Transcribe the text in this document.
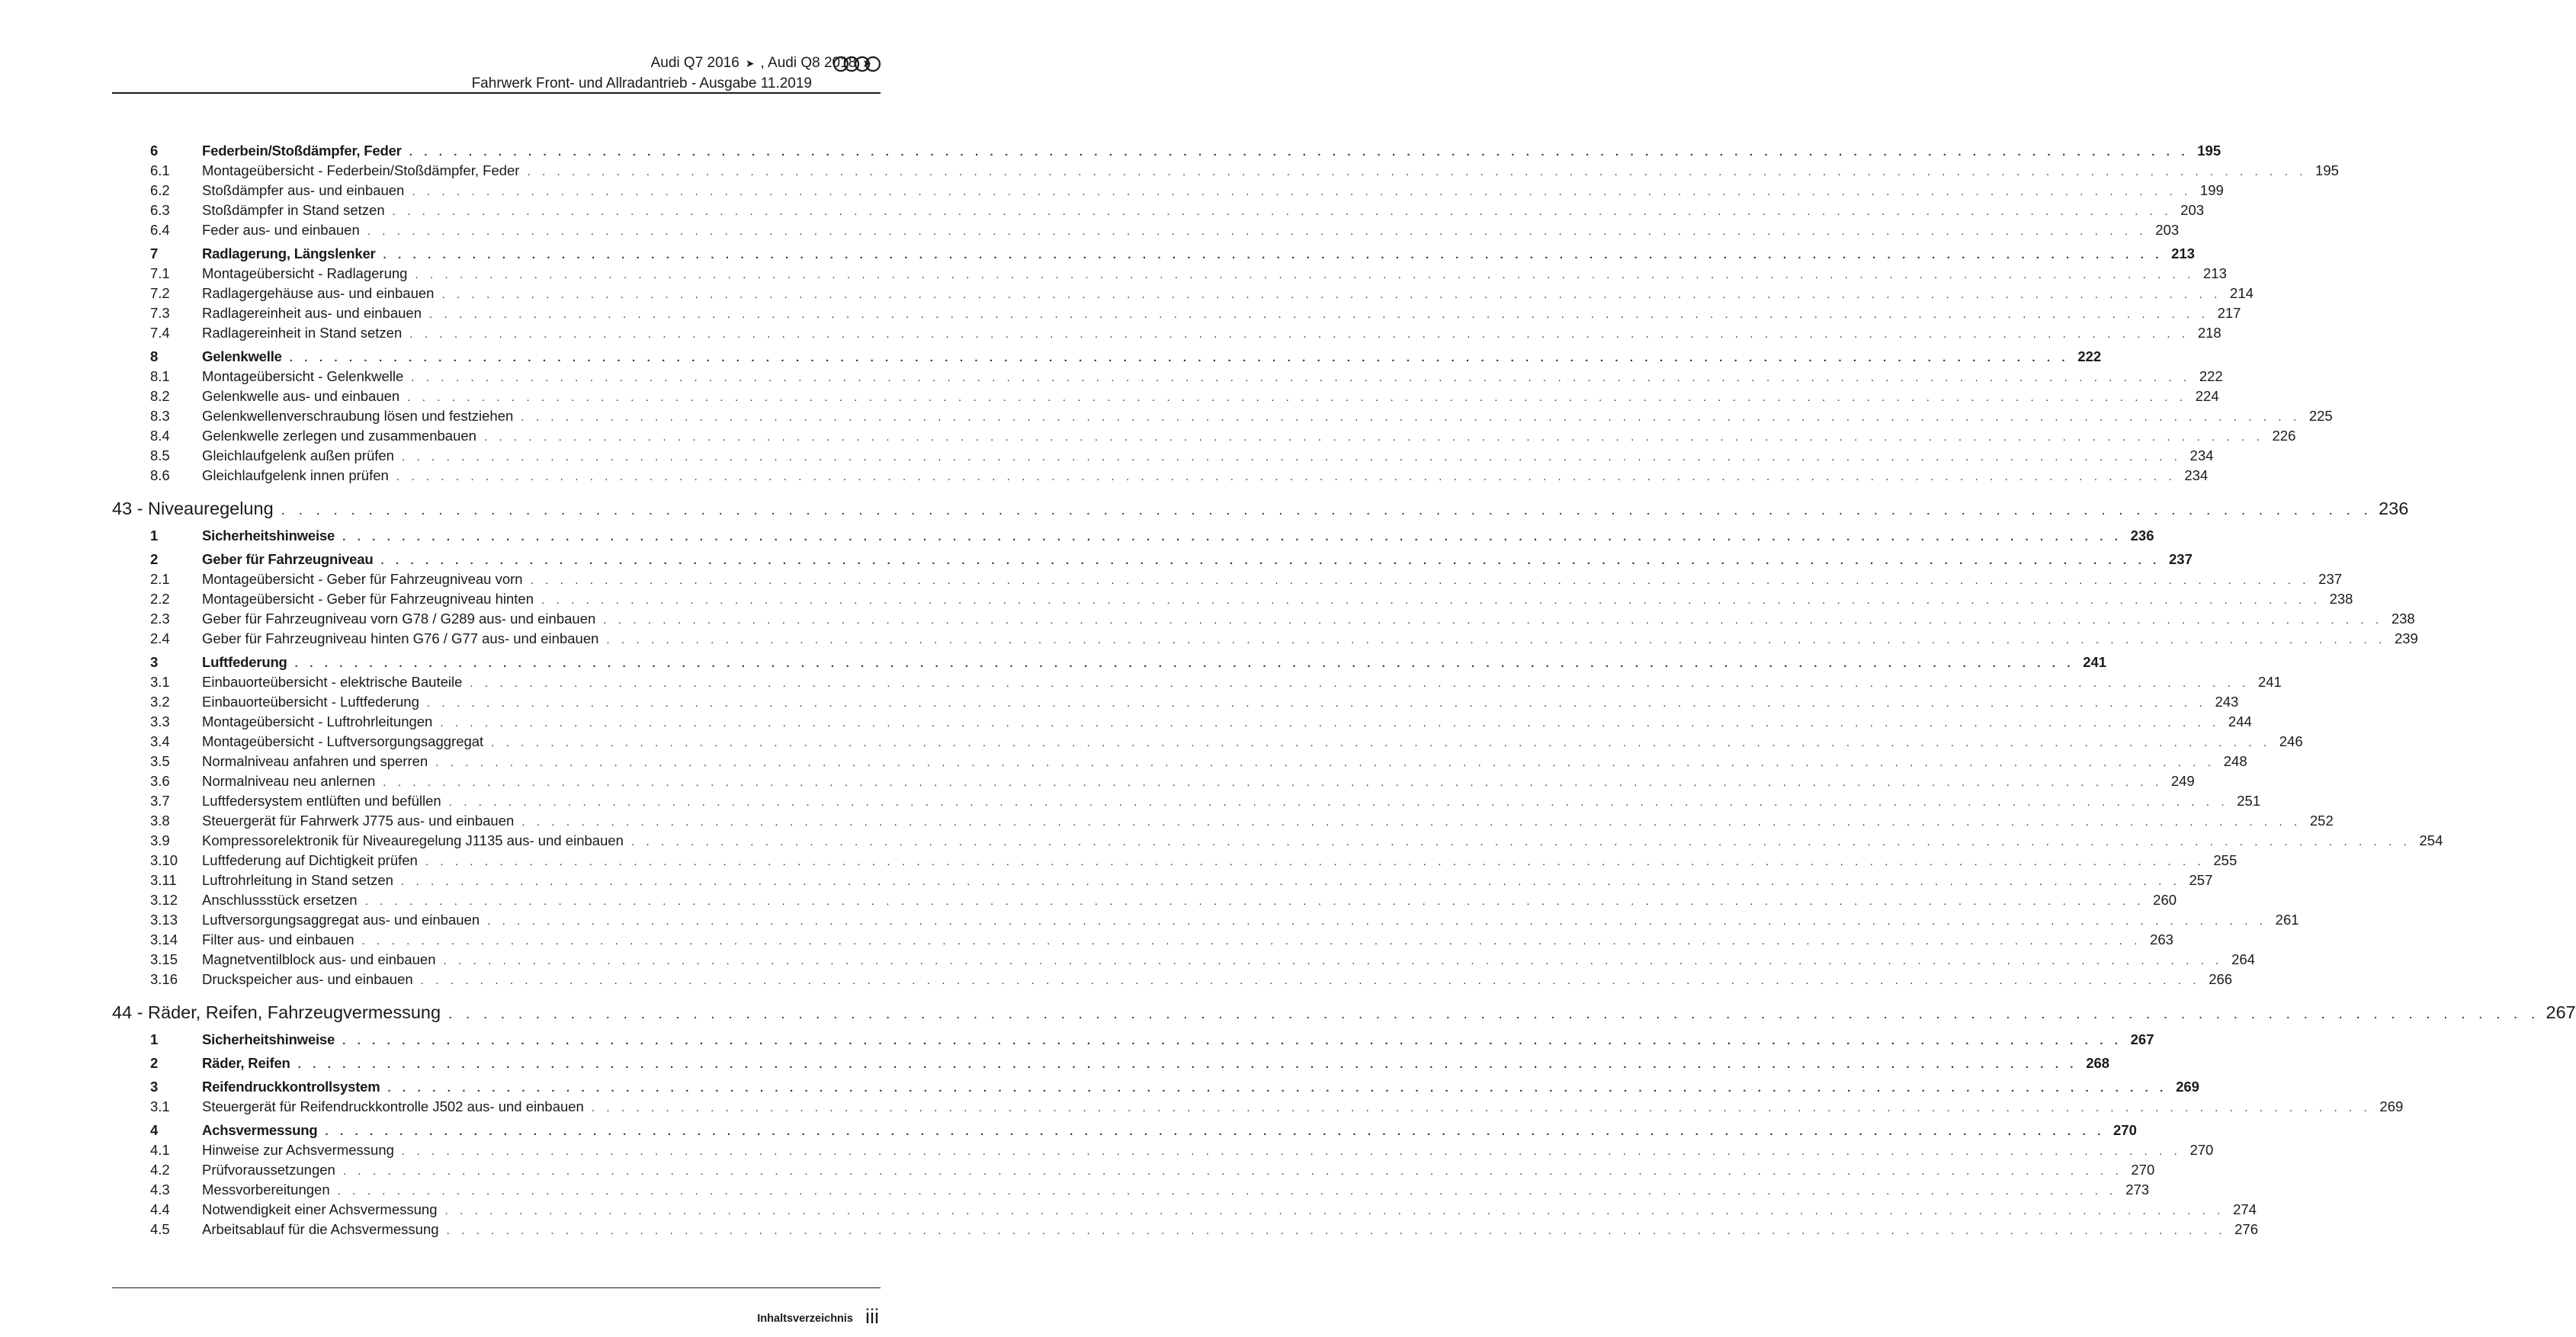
Audi Q7 2016 ➤ , Audi Q8 2018 ➤
Fahrwerk Front- und Allradantrieb - Ausgabe 11.2019
6	Federbein/Stoßdämpfer, Feder . . . . . . . . . . . . . . . . . . . . . . . . . . . . . . . . . . . . . . . . . . . . . . . . . . . . . . . . . . . . . . . . . . . . . . . . . . . . . . . . . . . . . . . . . . . . . . . . . . . . . . . . . . . . . . . . . . . . . . . . 195
6.1	Montageübersicht - Federbein/Stoßdämpfer, Feder . . . . . . . . . . . . . . . . . . . . . . . . . . . . . . . . . . . . . . . . . . . . . . . . . . . . . . . . . . . . . . . . . . . . . . . . . . . . . . . . . . . . . . . . . . . . . . . . . . . . . . . . . . . . . . . . . . . . . . . . 195
6.2	Stoßdämpfer aus- und einbauen . . . . . . . . . . . . . . . . . . . . . . . . . . . . . . . . . . . . . . . . . . . . . . . . . . . . . . . . . . . . . . . . . . . . . . . . . . . . . . . . . . . . . . . . . . . . . . . . . . . . . . . . . . . . . . . . . . . . . . . . 199
6.3	Stoßdämpfer in Stand setzen . . . . . . . . . . . . . . . . . . . . . . . . . . . . . . . . . . . . . . . . . . . . . . . . . . . . . . . . . . . . . . . . . . . . . . . . . . . . . . . . . . . . . . . . . . . . . . . . . . . . . . . . . . . . . . . . . . . . . . . . 203
6.4	Feder aus- und einbauen . . . . . . . . . . . . . . . . . . . . . . . . . . . . . . . . . . . . . . . . . . . . . . . . . . . . . . . . . . . . . . . . . . . . . . . . . . . . . . . . . . . . . . . . . . . . . . . . . . . . . . . . . . . . . . . . . . . . . . . . 203
7	Radlagerung, Längslenker . . . . . . . . . . . . . . . . . . . . . . . . . . . . . . . . . . . . . . . . . . . . . . . . . . . . . . . . . . . . . . . . . . . . . . . . . . . . . . . . . . . . . . . . . . . . . . . . . . . . . . . . . . . . . . . . . . . . . . . . 213
7.1	Montageübersicht - Radlagerung . . . . . . . . . . . . . . . . . . . . . . . . . . . . . . . . . . . . . . . . . . . . . . . . . . . . . . . . . . . . . . . . . . . . . . . . . . . . . . . . . . . . . . . . . . . . . . . . . . . . . . . . . . . . . . . . . . . . . . . . 213
7.2	Radlagergehäuse aus- und einbauen . . . . . . . . . . . . . . . . . . . . . . . . . . . . . . . . . . . . . . . . . . . . . . . . . . . . . . . . . . . . . . . . . . . . . . . . . . . . . . . . . . . . . . . . . . . . . . . . . . . . . . . . . . . . . . . . . . . . . . . . 214
7.3	Radlagereinheit aus- und einbauen . . . . . . . . . . . . . . . . . . . . . . . . . . . . . . . . . . . . . . . . . . . . . . . . . . . . . . . . . . . . . . . . . . . . . . . . . . . . . . . . . . . . . . . . . . . . . . . . . . . . . . . . . . . . . . . . . . . . . . . . 217
7.4	Radlagereinheit in Stand setzen . . . . . . . . . . . . . . . . . . . . . . . . . . . . . . . . . . . . . . . . . . . . . . . . . . . . . . . . . . . . . . . . . . . . . . . . . . . . . . . . . . . . . . . . . . . . . . . . . . . . . . . . . . . . . . . . . . . . . . . . 218
8	Gelenkwelle . . . . . . . . . . . . . . . . . . . . . . . . . . . . . . . . . . . . . . . . . . . . . . . . . . . . . . . . . . . . . . . . . . . . . . . . . . . . . . . . . . . . . . . . . . . . . . . . . . . . . . . . . . . . . . . . . . . . . . . . 222
8.1	Montageübersicht - Gelenkwelle . . . . . . . . . . . . . . . . . . . . . . . . . . . . . . . . . . . . . . . . . . . . . . . . . . . . . . . . . . . . . . . . . . . . . . . . . . . . . . . . . . . . . . . . . . . . . . . . . . . . . . . . . . . . . . . . . . . . . . . . 222
8.2	Gelenkwelle aus- und einbauen . . . . . . . . . . . . . . . . . . . . . . . . . . . . . . . . . . . . . . . . . . . . . . . . . . . . . . . . . . . . . . . . . . . . . . . . . . . . . . . . . . . . . . . . . . . . . . . . . . . . . . . . . . . . . . . . . . . . . . . . 224
8.3	Gelenkwellenverschraubung lösen und festziehen . . . . . . . . . . . . . . . . . . . . . . . . . . . . . . . . . . . . . . . . . . . . . . . . . . . . . . . . . . . . . . . . . . . . . . . . . . . . . . . . . . . . . . . . . . . . . . . . . . . . . . . . . . . . . . . . . . . . . . . . 225
8.4	Gelenkwelle zerlegen und zusammenbauen . . . . . . . . . . . . . . . . . . . . . . . . . . . . . . . . . . . . . . . . . . . . . . . . . . . . . . . . . . . . . . . . . . . . . . . . . . . . . . . . . . . . . . . . . . . . . . . . . . . . . . . . . . . . . . . . . . . . . . . . 226
8.5	Gleichlaufgelenk außen prüfen . . . . . . . . . . . . . . . . . . . . . . . . . . . . . . . . . . . . . . . . . . . . . . . . . . . . . . . . . . . . . . . . . . . . . . . . . . . . . . . . . . . . . . . . . . . . . . . . . . . . . . . . . . . . . . . . . . . . . . . . 234
8.6	Gleichlaufgelenk innen prüfen . . . . . . . . . . . . . . . . . . . . . . . . . . . . . . . . . . . . . . . . . . . . . . . . . . . . . . . . . . . . . . . . . . . . . . . . . . . . . . . . . . . . . . . . . . . . . . . . . . . . . . . . . . . . . . . . . . . . . . . . 234
43 - Niveauregelung . . . . . . . . . . . . . . . . . . . . . . . . . . . . . . . . . . . . . . . . . . . . . . . . . . . . . . . . . . . . . . . . . . . . . . . . . . . . . . . . . . . . . . . . . . . . . . . . . . . . . . . . . . . . . . . . . . . . . . . . 236
1	Sicherheitshinweise . . . . . . . . . . . . . . . . . . . . . . . . . . . . . . . . . . . . . . . . . . . . . . . . . . . . . . . . . . . . . . . . . . . . . . . . . . . . . . . . . . . . . . . . . . . . . . . . . . . . . . . . . . . . . . . . . . . . . . . . 236
2	Geber für Fahrzeugniveau . . . . . . . . . . . . . . . . . . . . . . . . . . . . . . . . . . . . . . . . . . . . . . . . . . . . . . . . . . . . . . . . . . . . . . . . . . . . . . . . . . . . . . . . . . . . . . . . . . . . . . . . . . . . . . . . . . . . . . . . 237
2.1	Montageübersicht - Geber für Fahrzeugniveau vorn . . . . . . . . . . . . . . . . . . . . . . . . . . . . . . . . . . . . . . . . . . . . . . . . . . . . . . . . . . . . . . . . . . . . . . . . . . . . . . . . . . . . . . . . . . . . . . . . . . . . . . . . . . . . . . . . . . . . . . . . 237
2.2	Montageübersicht - Geber für Fahrzeugniveau hinten . . . . . . . . . . . . . . . . . . . . . . . . . . . . . . . . . . . . . . . . . . . . . . . . . . . . . . . . . . . . . . . . . . . . . . . . . . . . . . . . . . . . . . . . . . . . . . . . . . . . . . . . . . . . . . . . . . . . . . . . 238
2.3	Geber für Fahrzeugniveau vorn G78 / G289 aus- und einbauen . . . . . . . . . . . . . . . . . . . . . . . . . . . . . . . . . . . . . . . . . . . . . . . . . . . . . . . . . . . . . . . . . . . . . . . . . . . . . . . . . . . . . . . . . . . . . . . . . . . . . . . . . . . . . . . . . . . . . . . . 238
2.4	Geber für Fahrzeugniveau hinten G76 / G77 aus- und einbauen . . . . . . . . . . . . . . . . . . . . . . . . . . . . . . . . . . . . . . . . . . . . . . . . . . . . . . . . . . . . . . . . . . . . . . . . . . . . . . . . . . . . . . . . . . . . . . . . . . . . . . . . . . . . . . . . . . . . . . . . 239
3	Luftfederung . . . . . . . . . . . . . . . . . . . . . . . . . . . . . . . . . . . . . . . . . . . . . . . . . . . . . . . . . . . . . . . . . . . . . . . . . . . . . . . . . . . . . . . . . . . . . . . . . . . . . . . . . . . . . . . . . . . . . . . . 241
3.1	Einbauorteübersicht - elektrische Bauteile . . . . . . . . . . . . . . . . . . . . . . . . . . . . . . . . . . . . . . . . . . . . . . . . . . . . . . . . . . . . . . . . . . . . . . . . . . . . . . . . . . . . . . . . . . . . . . . . . . . . . . . . . . . . . . . . . . . . . . . . 241
3.2	Einbauorteübersicht - Luftfederung . . . . . . . . . . . . . . . . . . . . . . . . . . . . . . . . . . . . . . . . . . . . . . . . . . . . . . . . . . . . . . . . . . . . . . . . . . . . . . . . . . . . . . . . . . . . . . . . . . . . . . . . . . . . . . . . . . . . . . . . 243
3.3	Montageübersicht - Luftrohrleitungen . . . . . . . . . . . . . . . . . . . . . . . . . . . . . . . . . . . . . . . . . . . . . . . . . . . . . . . . . . . . . . . . . . . . . . . . . . . . . . . . . . . . . . . . . . . . . . . . . . . . . . . . . . . . . . . . . . . . . . . . 244
3.4	Montageübersicht - Luftversorgungsaggregat . . . . . . . . . . . . . . . . . . . . . . . . . . . . . . . . . . . . . . . . . . . . . . . . . . . . . . . . . . . . . . . . . . . . . . . . . . . . . . . . . . . . . . . . . . . . . . . . . . . . . . . . . . . . . . . . . . . . . . . . 246
3.5	Normalniveau anfahren und sperren . . . . . . . . . . . . . . . . . . . . . . . . . . . . . . . . . . . . . . . . . . . . . . . . . . . . . . . . . . . . . . . . . . . . . . . . . . . . . . . . . . . . . . . . . . . . . . . . . . . . . . . . . . . . . . . . . . . . . . . . 248
3.6	Normalniveau neu anlernen . . . . . . . . . . . . . . . . . . . . . . . . . . . . . . . . . . . . . . . . . . . . . . . . . . . . . . . . . . . . . . . . . . . . . . . . . . . . . . . . . . . . . . . . . . . . . . . . . . . . . . . . . . . . . . . . . . . . . . . . 249
3.7	Luftfedersystem entlüften und befüllen . . . . . . . . . . . . . . . . . . . . . . . . . . . . . . . . . . . . . . . . . . . . . . . . . . . . . . . . . . . . . . . . . . . . . . . . . . . . . . . . . . . . . . . . . . . . . . . . . . . . . . . . . . . . . . . . . . . . . . . . 251
3.8	Steuergerät für Fahrwerk J775 aus- und einbauen . . . . . . . . . . . . . . . . . . . . . . . . . . . . . . . . . . . . . . . . . . . . . . . . . . . . . . . . . . . . . . . . . . . . . . . . . . . . . . . . . . . . . . . . . . . . . . . . . . . . . . . . . . . . . . . . . . . . . . . . 252
3.9	Kompressorelektronik für Niveauregelung J1135 aus- und einbauen . . . . . . . . . . . . . . . . . . . . . . . . . . . . . . . . . . . . . . . . . . . . . . . . . . . . . . . . . . . . . . . . . . . . . . . . . . . . . . . . . . . . . . . . . . . . . . . . . . . . . . . . . . . . . . . . . . . . . . . . 254
3.10	Luftfederung auf Dichtigkeit prüfen . . . . . . . . . . . . . . . . . . . . . . . . . . . . . . . . . . . . . . . . . . . . . . . . . . . . . . . . . . . . . . . . . . . . . . . . . . . . . . . . . . . . . . . . . . . . . . . . . . . . . . . . . . . . . . . . . . . . . . . . 255
3.11	Luftrohrleitung in Stand setzen . . . . . . . . . . . . . . . . . . . . . . . . . . . . . . . . . . . . . . . . . . . . . . . . . . . . . . . . . . . . . . . . . . . . . . . . . . . . . . . . . . . . . . . . . . . . . . . . . . . . . . . . . . . . . . . . . . . . . . . . 257
3.12	Anschlussstück ersetzen . . . . . . . . . . . . . . . . . . . . . . . . . . . . . . . . . . . . . . . . . . . . . . . . . . . . . . . . . . . . . . . . . . . . . . . . . . . . . . . . . . . . . . . . . . . . . . . . . . . . . . . . . . . . . . . . . . . . . . . . 260
3.13	Luftversorgungsaggregat aus- und einbauen . . . . . . . . . . . . . . . . . . . . . . . . . . . . . . . . . . . . . . . . . . . . . . . . . . . . . . . . . . . . . . . . . . . . . . . . . . . . . . . . . . . . . . . . . . . . . . . . . . . . . . . . . . . . . . . . . . . . . . . . 261
3.14	Filter aus- und einbauen . . . . . . . . . . . . . . . . . . . . . . . . . . . . . . . . . . . . . . . . . . . . . . . . . . . . . . . . . . . . . . . . . . . . . . . . . . . . . . . . . . . . . . . . . . . . . . . . . . . . . . . . . . . . . . . . . . . . . . . . 263
3.15	Magnetventilblock aus- und einbauen . . . . . . . . . . . . . . . . . . . . . . . . . . . . . . . . . . . . . . . . . . . . . . . . . . . . . . . . . . . . . . . . . . . . . . . . . . . . . . . . . . . . . . . . . . . . . . . . . . . . . . . . . . . . . . . . . . . . . . . . 264
3.16	Druckspeicher aus- und einbauen . . . . . . . . . . . . . . . . . . . . . . . . . . . . . . . . . . . . . . . . . . . . . . . . . . . . . . . . . . . . . . . . . . . . . . . . . . . . . . . . . . . . . . . . . . . . . . . . . . . . . . . . . . . . . . . . . . . . . . . . 266
44 - Räder, Reifen, Fahrzeugvermessung . . . . . . . . . . . . . . . . . . . . . . . . . . . . . . . . . . . . . . . . . . . . . . . . . . . . . . . . . . . . . . . . . . . . . . . . . . . . . . . . . . . . . . . . . . . . . . . . . . . . . . . . . . . . . . . . . . . . . . . . 267
1	Sicherheitshinweise . . . . . . . . . . . . . . . . . . . . . . . . . . . . . . . . . . . . . . . . . . . . . . . . . . . . . . . . . . . . . . . . . . . . . . . . . . . . . . . . . . . . . . . . . . . . . . . . . . . . . . . . . . . . . . . . . . . . . . . . 267
2	Räder, Reifen . . . . . . . . . . . . . . . . . . . . . . . . . . . . . . . . . . . . . . . . . . . . . . . . . . . . . . . . . . . . . . . . . . . . . . . . . . . . . . . . . . . . . . . . . . . . . . . . . . . . . . . . . . . . . . . . . . . . . . . . 268
3	Reifendruckkontrollsystem . . . . . . . . . . . . . . . . . . . . . . . . . . . . . . . . . . . . . . . . . . . . . . . . . . . . . . . . . . . . . . . . . . . . . . . . . . . . . . . . . . . . . . . . . . . . . . . . . . . . . . . . . . . . . . . . . . . . . . . . 269
3.1	Steuergerät für Reifendruckkontrolle J502 aus- und einbauen . . . . . . . . . . . . . . . . . . . . . . . . . . . . . . . . . . . . . . . . . . . . . . . . . . . . . . . . . . . . . . . . . . . . . . . . . . . . . . . . . . . . . . . . . . . . . . . . . . . . . . . . . . . . . . . . . . . . . . . . 269
4	Achsvermessung . . . . . . . . . . . . . . . . . . . . . . . . . . . . . . . . . . . . . . . . . . . . . . . . . . . . . . . . . . . . . . . . . . . . . . . . . . . . . . . . . . . . . . . . . . . . . . . . . . . . . . . . . . . . . . . . . . . . . . . . 270
4.1	Hinweise zur Achsvermessung . . . . . . . . . . . . . . . . . . . . . . . . . . . . . . . . . . . . . . . . . . . . . . . . . . . . . . . . . . . . . . . . . . . . . . . . . . . . . . . . . . . . . . . . . . . . . . . . . . . . . . . . . . . . . . . . . . . . . . . . 270
4.2	Prüfvoraussetzungen . . . . . . . . . . . . . . . . . . . . . . . . . . . . . . . . . . . . . . . . . . . . . . . . . . . . . . . . . . . . . . . . . . . . . . . . . . . . . . . . . . . . . . . . . . . . . . . . . . . . . . . . . . . . . . . . . . . . . . . . 270
4.3	Messvorbereitungen . . . . . . . . . . . . . . . . . . . . . . . . . . . . . . . . . . . . . . . . . . . . . . . . . . . . . . . . . . . . . . . . . . . . . . . . . . . . . . . . . . . . . . . . . . . . . . . . . . . . . . . . . . . . . . . . . . . . . . . . 273
4.4	Notwendigkeit einer Achsvermessung . . . . . . . . . . . . . . . . . . . . . . . . . . . . . . . . . . . . . . . . . . . . . . . . . . . . . . . . . . . . . . . . . . . . . . . . . . . . . . . . . . . . . . . . . . . . . . . . . . . . . . . . . . . . . . . . . . . . . . . . 274
4.5	Arbeitsablauf für die Achsvermessung . . . . . . . . . . . . . . . . . . . . . . . . . . . . . . . . . . . . . . . . . . . . . . . . . . . . . . . . . . . . . . . . . . . . . . . . . . . . . . . . . . . . . . . . . . . . . . . . . . . . . . . . . . . . . . . . . . . . . . . . 276
Inhaltsverzeichnis iii
